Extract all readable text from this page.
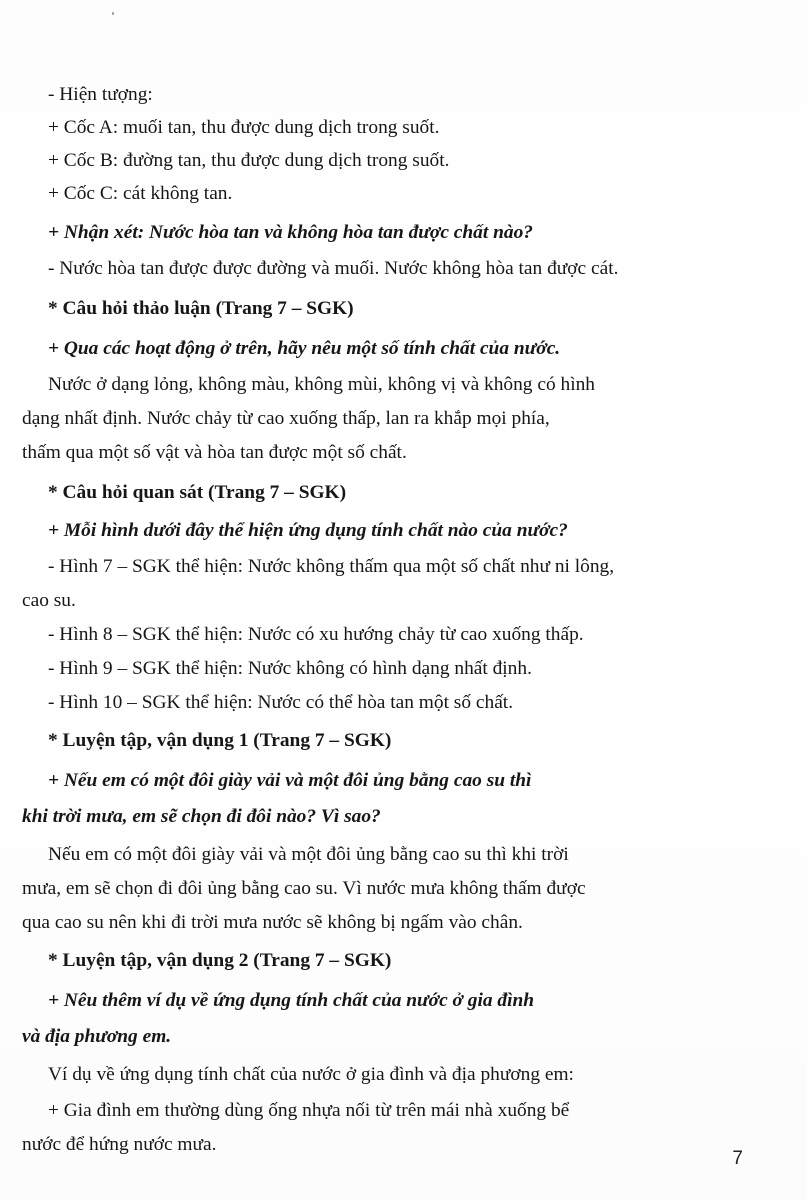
- Hiện tượng:
+ Cốc A: muối tan, thu được dung dịch trong suốt.
+ Cốc B: đường tan, thu được dung dịch trong suốt.
+ Cốc C: cát không tan.
+ Nhận xét: Nước hòa tan và không hòa tan được chất nào?
- Nước hòa tan được được đường và muối. Nước không hòa tan được cát.
* Câu hỏi thảo luận (Trang 7 – SGK)
+ Qua các hoạt động ở trên, hãy nêu một số tính chất của nước.
Nước ở dạng lỏng, không màu, không mùi, không vị và không có hình
dạng nhất định. Nước chảy từ cao xuống thấp, lan ra khắp mọi phía,
thấm qua một số vật và hòa tan được một số chất.
* Câu hỏi quan sát (Trang 7 – SGK)
+ Mỗi hình dưới đây thể hiện ứng dụng tính chất nào của nước?
- Hình 7 – SGK thể hiện: Nước không thấm qua một số chất như ni lông,
cao su.
- Hình 8 – SGK thể hiện: Nước có xu hướng chảy từ cao xuống thấp.
- Hình 9 – SGK thể hiện: Nước không có hình dạng nhất định.
- Hình 10 – SGK thể hiện: Nước có thể hòa tan một số chất.
* Luyện tập, vận dụng 1 (Trang 7 – SGK)
+ Nếu em có một đôi giày vải và một đôi ủng bằng cao su thì
khi trời mưa, em sẽ chọn đi đôi nào? Vì sao?
Nếu em có một đôi giày vải và một đôi ủng bằng cao su thì khi trời
mưa, em sẽ chọn đi đôi ủng bằng cao su. Vì nước mưa không thấm được
qua cao su nên khi đi trời mưa nước sẽ không bị ngấm vào chân.
* Luyện tập, vận dụng 2 (Trang 7 – SGK)
+ Nêu thêm ví dụ về ứng dụng tính chất của nước ở gia đình
và địa phương em.
Ví dụ về ứng dụng tính chất của nước ở gia đình và địa phương em:
+ Gia đình em thường dùng ống nhựa nối từ trên mái nhà xuống bể
nước để hứng nước mưa.
7
